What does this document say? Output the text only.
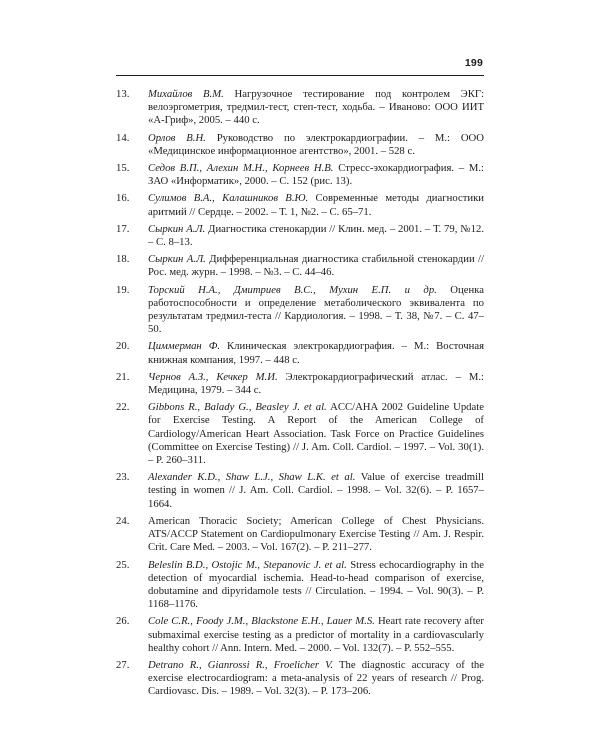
199
13.	Михайлов В.М. Нагрузочное тестирование под контролем ЭКГ: велоэргометрия, тредмил-тест, степ-тест, ходьба. – Иваново: ООО ИИТ «А-Гриф», 2005. – 440 с.
14.	Орлов В.Н. Руководство по электрокардиографии. – М.: ООО «Медицинское информационное агентство», 2001. – 528 с.
15.	Седов В.П., Алехин М.Н., Корнеев Н.В. Стресс-эхокардиография. – М.: ЗАО «Информатик», 2000. – С. 152 (рис. 13).
16.	Сулимов В.А., Калашников В.Ю. Современные методы диагностики аритмий // Сердце. – 2002. – Т. 1, №2. – С. 65–71.
17.	Сыркин А.Л. Диагностика стенокардии // Клин. мед. – 2001. – Т. 79, №12. – С. 8–13.
18.	Сыркин А.Л. Дифференциальная диагностика стабильной стенокардии // Рос. мед. журн. – 1998. – №3. – С. 44–46.
19.	Торский Н.А., Дмитриев В.С., Мухин Е.П. и др. Оценка работоспособности и определение метаболического эквивалента по результатам тредмил-теста // Кардиология. – 1998. – Т. 38, №7. – С. 47–50.
20.	Циммерман Ф. Клиническая электрокардиография. – М.: Восточная книжная компания, 1997. – 448 с.
21.	Чернов А.З., Кечкер М.И. Электрокардиографический атлас. – М.: Медицина, 1979. – 344 с.
22.	Gibbons R., Balady G., Beasley J. et al. ACC/AHA 2002 Guideline Update for Exercise Testing. A Report of the American College of Cardiology/American Heart Association. Task Force on Practice Guidelines (Committee on Exercise Testing) // J. Am. Coll. Cardiol. – 1997. – Vol. 30(1). – P. 260–311.
23.	Alexander K.D., Shaw L.J., Shaw L.K. et al. Value of exercise treadmill testing in women // J. Am. Coll. Cardiol. – 1998. – Vol. 32(6). – P. 1657–1664.
24.	American Thoracic Society; American College of Chest Physicians. ATS/ACCP Statement on Cardiopulmonary Exercise Testing // Am. J. Respir. Crit. Care Med. – 2003. – Vol. 167(2). – P. 211–277.
25.	Beleslin B.D., Ostojic M., Stepanovic J. et al. Stress echocardiography in the detection of myocardial ischemia. Head-to-head comparison of exercise, dobutamine and dipyridamole tests // Circulation. – 1994. – Vol. 90(3). – P. 1168–1176.
26.	Cole C.R., Foody J.M., Blackstone E.H., Lauer M.S. Heart rate recovery after submaximal exercise testing as a predictor of mortality in a cardiovascularly healthy cohort // Ann. Intern. Med. – 2000. – Vol. 132(7). – P. 552–555.
27.	Detrano R., Gianrossi R., Froelicher V. The diagnostic accuracy of the exercise electrocardiogram: a meta-analysis of 22 years of research // Prog. Cardiovasc. Dis. – 1989. – Vol. 32(3). – P. 173–206.
